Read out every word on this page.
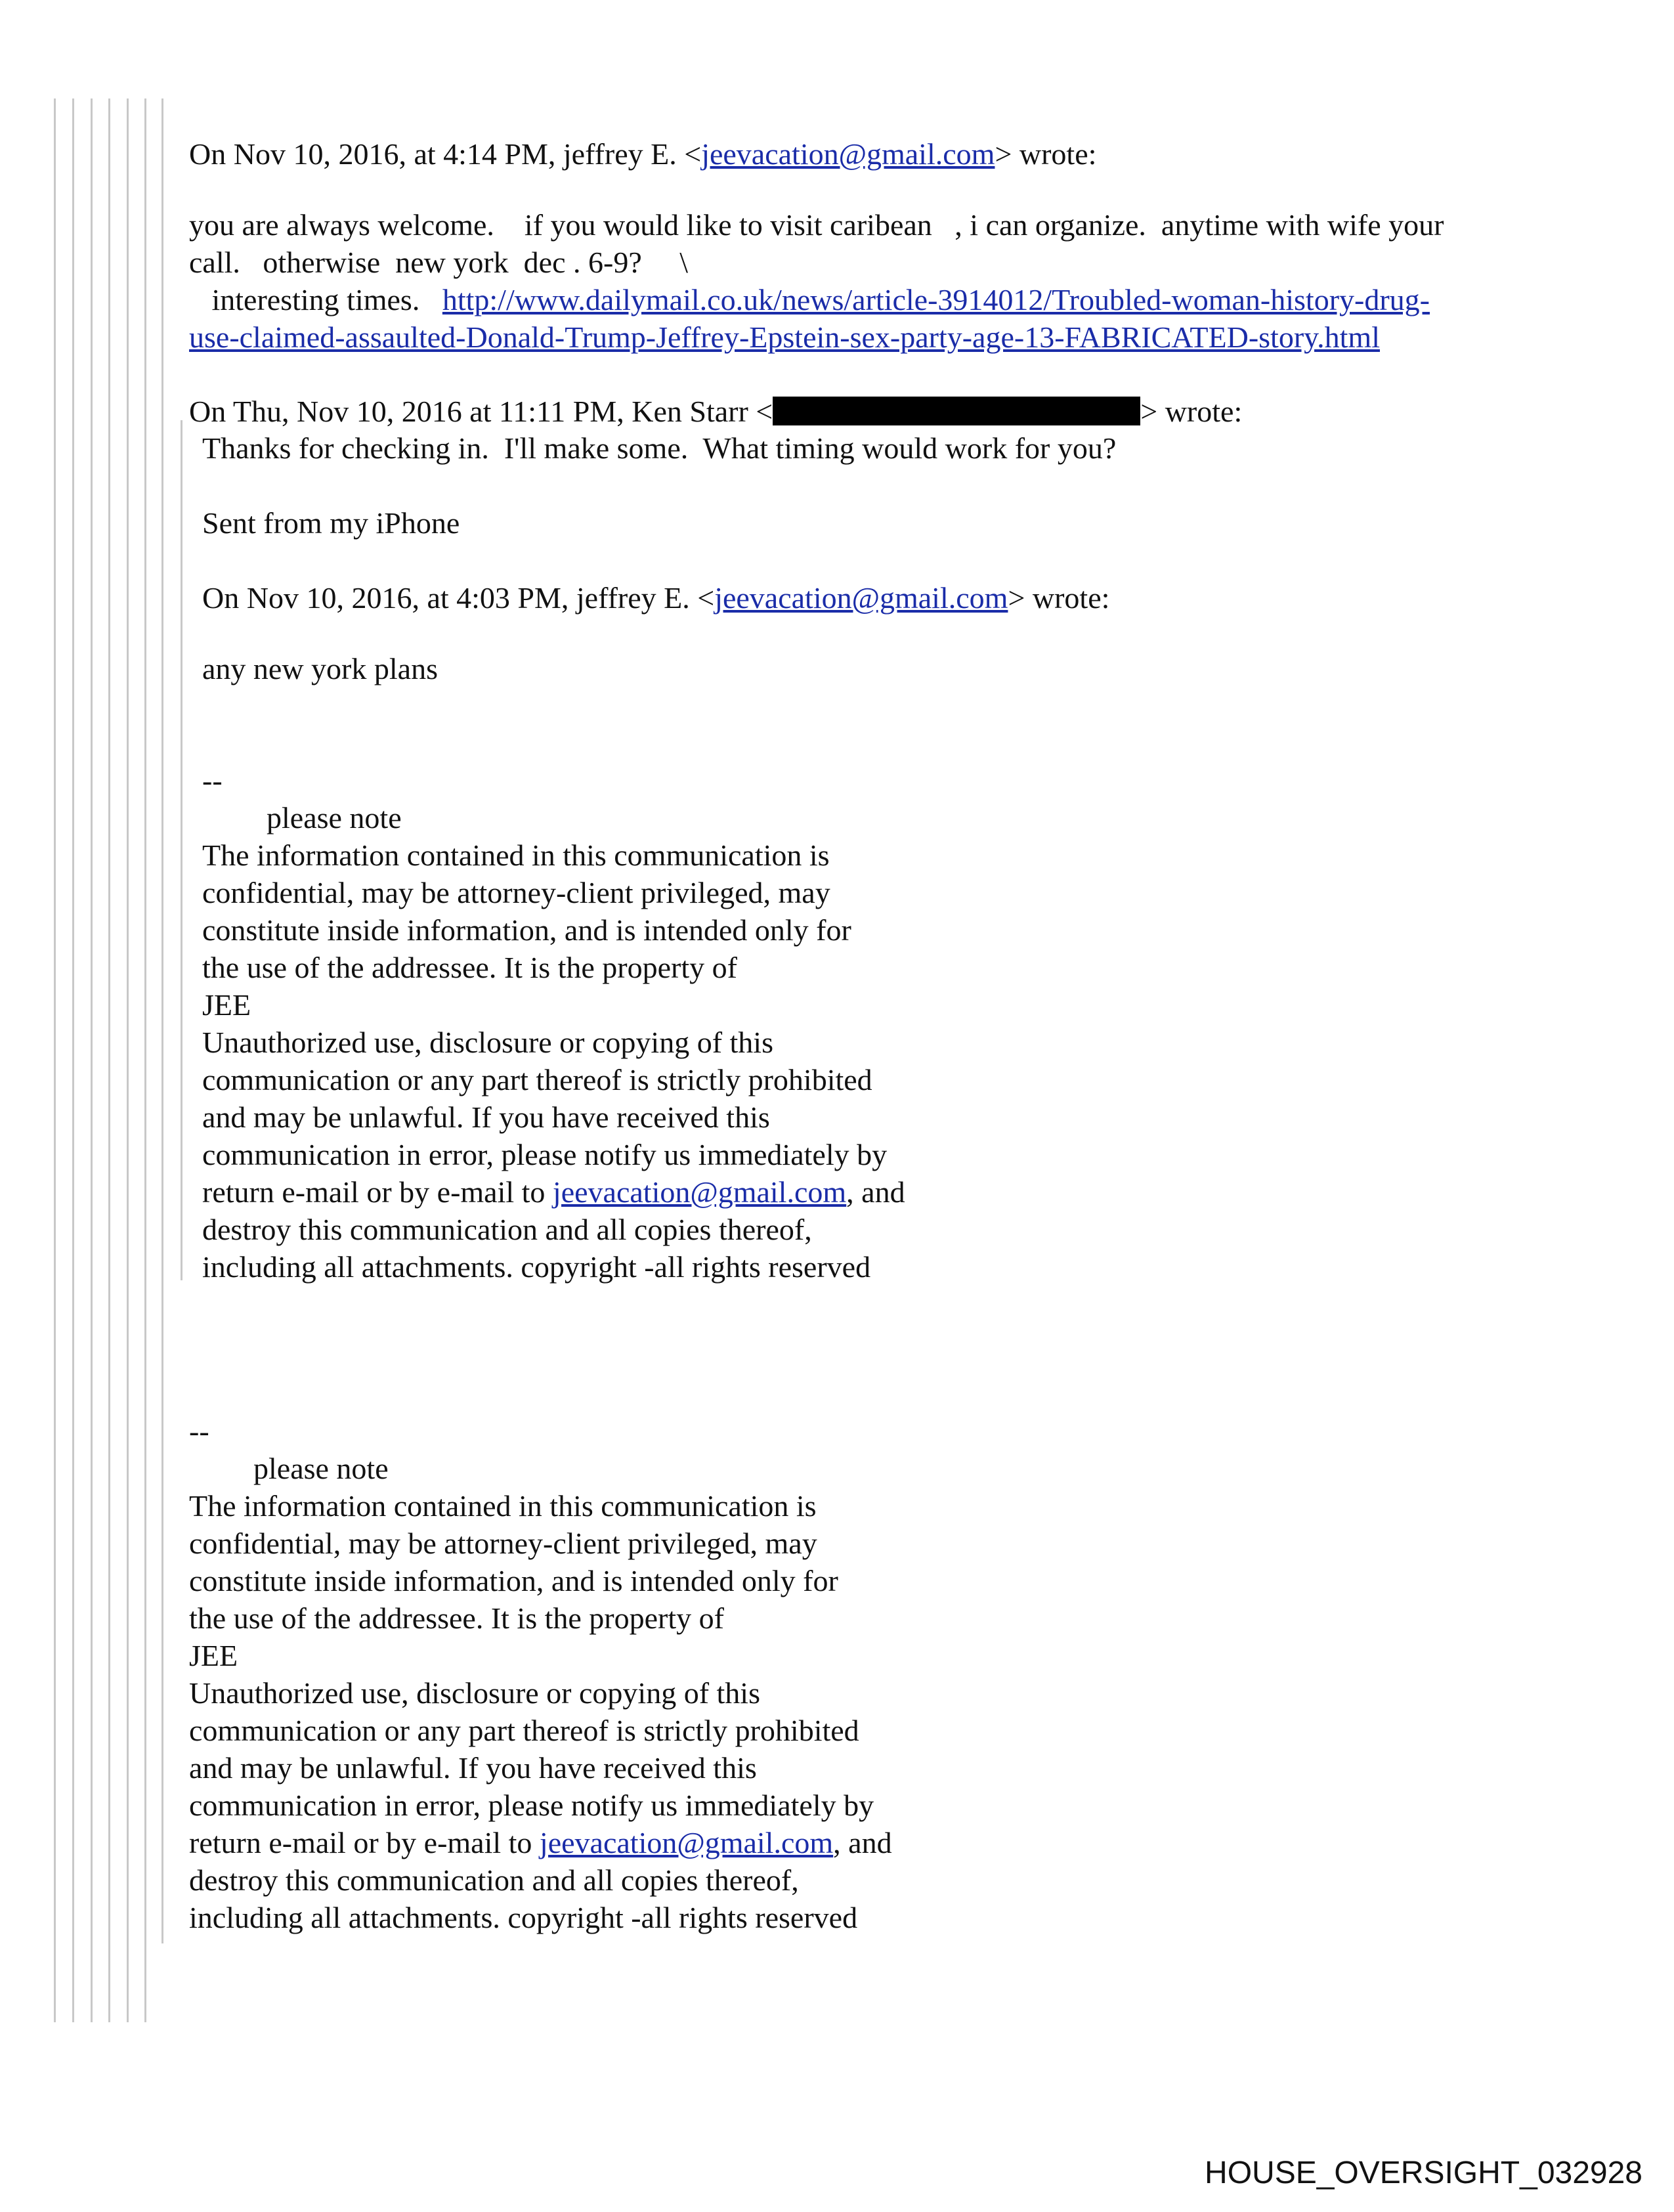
On Nov 10, 2016, at 4:14 PM, jeffrey E. <jeevacation@gmail.com> wrote:
you are always welcome.    if you would like to visit caribean   , i can organize.  anytime with wife your
call.   otherwise  new york  dec . 6-9?     \
interesting times.   http://www.dailymail.co.uk/news/article-3914012/Troubled-woman-history-drug-
use-claimed-assaulted-Donald-Trump-Jeffrey-Epstein-sex-party-age-13-FABRICATED-story.html
On Thu, Nov 10, 2016 at 11:11 PM, Ken Starr <	> wrote:
Thanks for checking in.  I'll make some.  What timing would work for you?
Sent from my iPhone
On Nov 10, 2016, at 4:03 PM, jeffrey E. <jeevacation@gmail.com> wrote:
any new york plans
--
please note
The information contained in this communication is
confidential, may be attorney-client privileged, may
constitute inside information, and is intended only for
the use of the addressee. It is the property of
JEE
Unauthorized use, disclosure or copying of this
communication or any part thereof is strictly prohibited
and may be unlawful. If you have received this
communication in error, please notify us immediately by
return e-mail or by e-mail to jeevacation@gmail.com, and
destroy this communication and all copies thereof,
including all attachments. copyright -all rights reserved
--
please note
The information contained in this communication is
confidential, may be attorney-client privileged, may
constitute inside information, and is intended only for
the use of the addressee. It is the property of
JEE
Unauthorized use, disclosure or copying of this
communication or any part thereof is strictly prohibited
and may be unlawful. If you have received this
communication in error, please notify us immediately by
return e-mail or by e-mail to jeevacation@gmail.com, and
destroy this communication and all copies thereof,
including all attachments. copyright -all rights reserved
HOUSE_OVERSIGHT_032928
